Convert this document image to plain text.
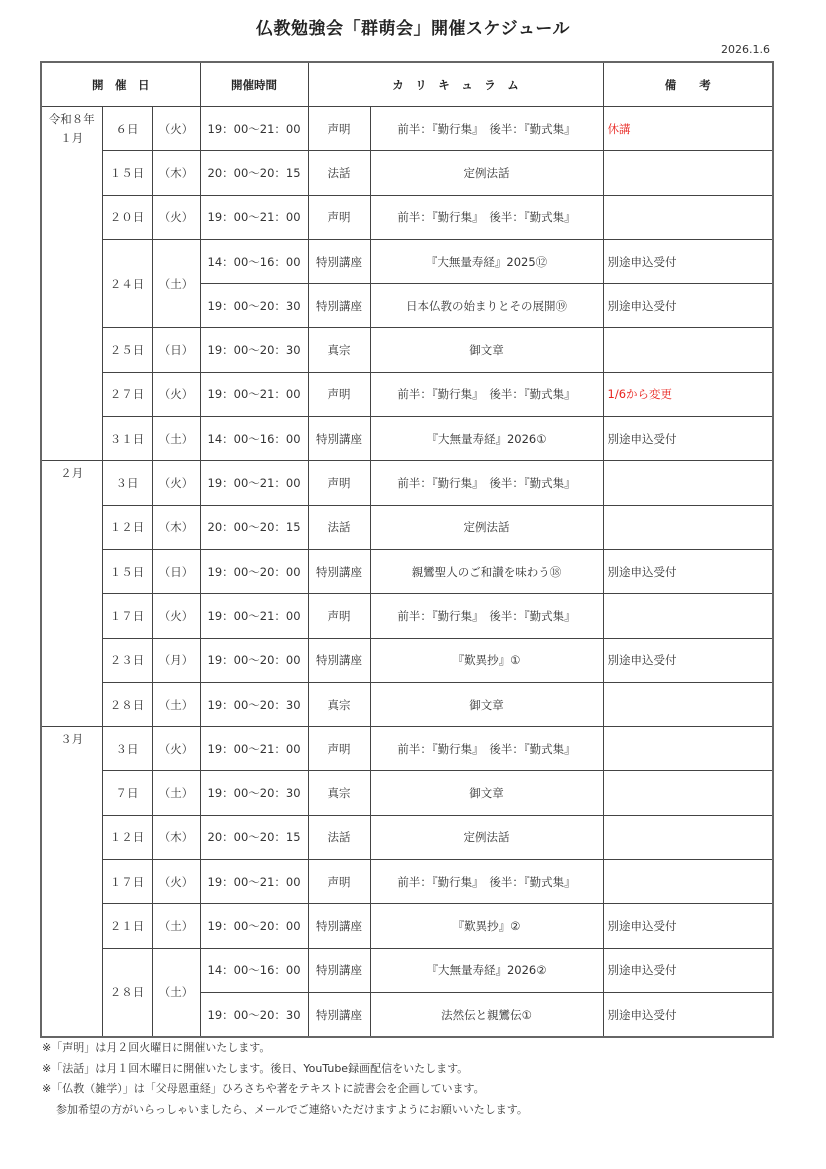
仏教勉強会「群萌会」開催スケジュール
2026.1.6
開　催　日			開催時間	カ　リ　キ　ュ　ラ　ム		備　　考

令和８年
１月	６日	（火）	19：00～21：00	声明	前半：『勤行集』　後半：『勤式集』	休講
	１５日	（木）	20：00～20：15	法話	定例法話	
	２０日	（火）	19：00～21：00	声明	前半：『勤行集』　後半：『勤式集』	
	２４日	（土）	14：00～16：00	特別講座	『大無量寿経』2025⑫	別途申込受付
			19：00～20：30	特別講座	日本仏教の始まりとその展開⑲	別途申込受付
	２５日	（日）	19：00～20：30	真宗	御文章	
	２７日	（火）	19：00～21：00	声明	前半：『勤行集』　後半：『勤式集』	1/6から変更
	３１日	（土）	14：00～16：00	特別講座	『大無量寿経』2026①	別途申込受付

２月	３日	（火）	19：00～21：00	声明	前半：『勤行集』　後半：『勤式集』	
	１２日	（木）	20：00～20：15	法話	定例法話	
	１５日	（日）	19：00～20：00	特別講座	親鸞聖人のご和讃を味わう⑱	別途申込受付
	１７日	（火）	19：00～21：00	声明	前半：『勤行集』　後半：『勤式集』	
	２３日	（月）	19：00～20：00	特別講座	『歎異抄』①	別途申込受付
	２８日	（土）	19：00～20：30	真宗	御文章	

３月	３日	（火）	19：00～21：00	声明	前半：『勤行集』　後半：『勤式集』	
	７日	（土）	19：00～20：30	真宗	御文章	
	１２日	（木）	20：00～20：15	法話	定例法話	
	１７日	（火）	19：00～21：00	声明	前半：『勤行集』　後半：『勤式集』	
	２１日	（土）	19：00～20：00	特別講座	『歎異抄』②	別途申込受付
	２８日	（土）	14：00～16：00	特別講座	『大無量寿経』2026②	別途申込受付
			19：00～20：30	特別講座	法然伝と親鸞伝①	別途申込受付
※「声明」は月２回火曜日に開催いたします。
※「法話」は月１回木曜日に開催いたします。後日、YouTube録画配信をいたします。
※「仏教（雑学）」は「父母恩重経」ひろさちや著をテキストに読書会を企画しています。
参加希望の方がいらっしゃいましたら、メールでご連絡いただけますようにお願いいたします。
